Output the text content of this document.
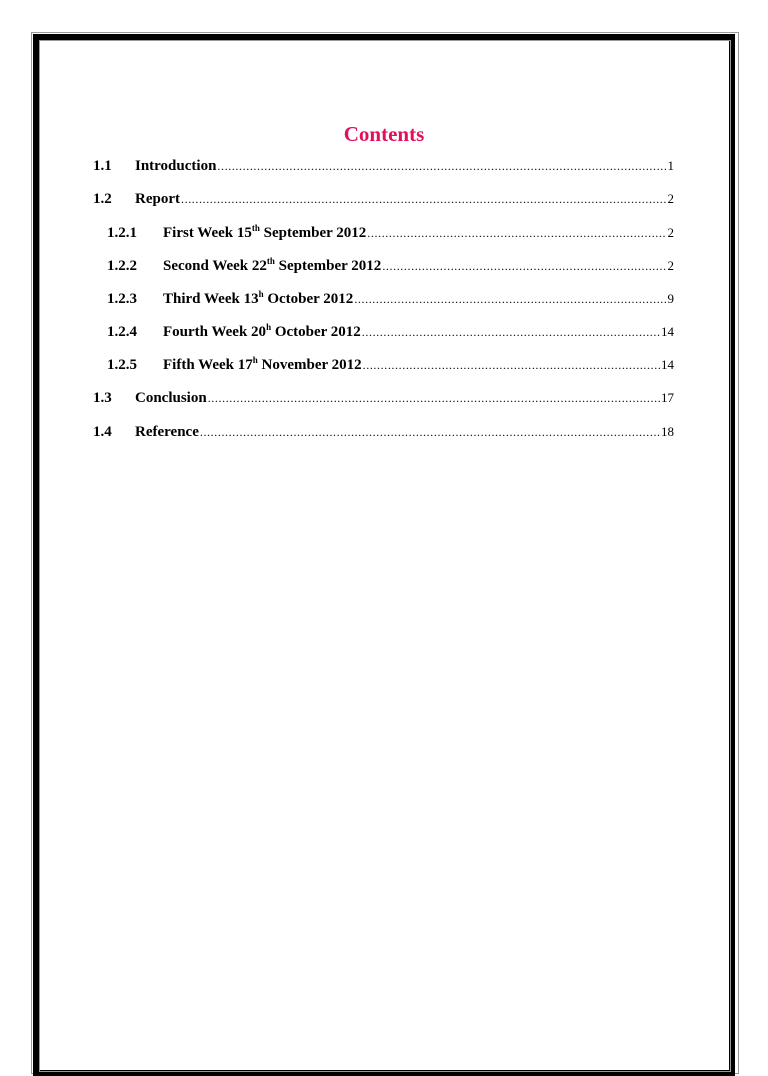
Contents
1.1	Introduction .....	1
1.2	Report .....	2
1.2.1	First Week 15th September 2012 .....	2
1.2.2	Second Week 22th September 2012 .....	2
1.2.3	Third Week 13$^h$ October 2012 .....	9
1.2.4	Fourth Week 20$^h$ October 2012 .....	14
1.2.5	Fifth Week 17$^h$ November 2012 .....	14
1.3	Conclusion .....	17
1.4	Reference .....	18
